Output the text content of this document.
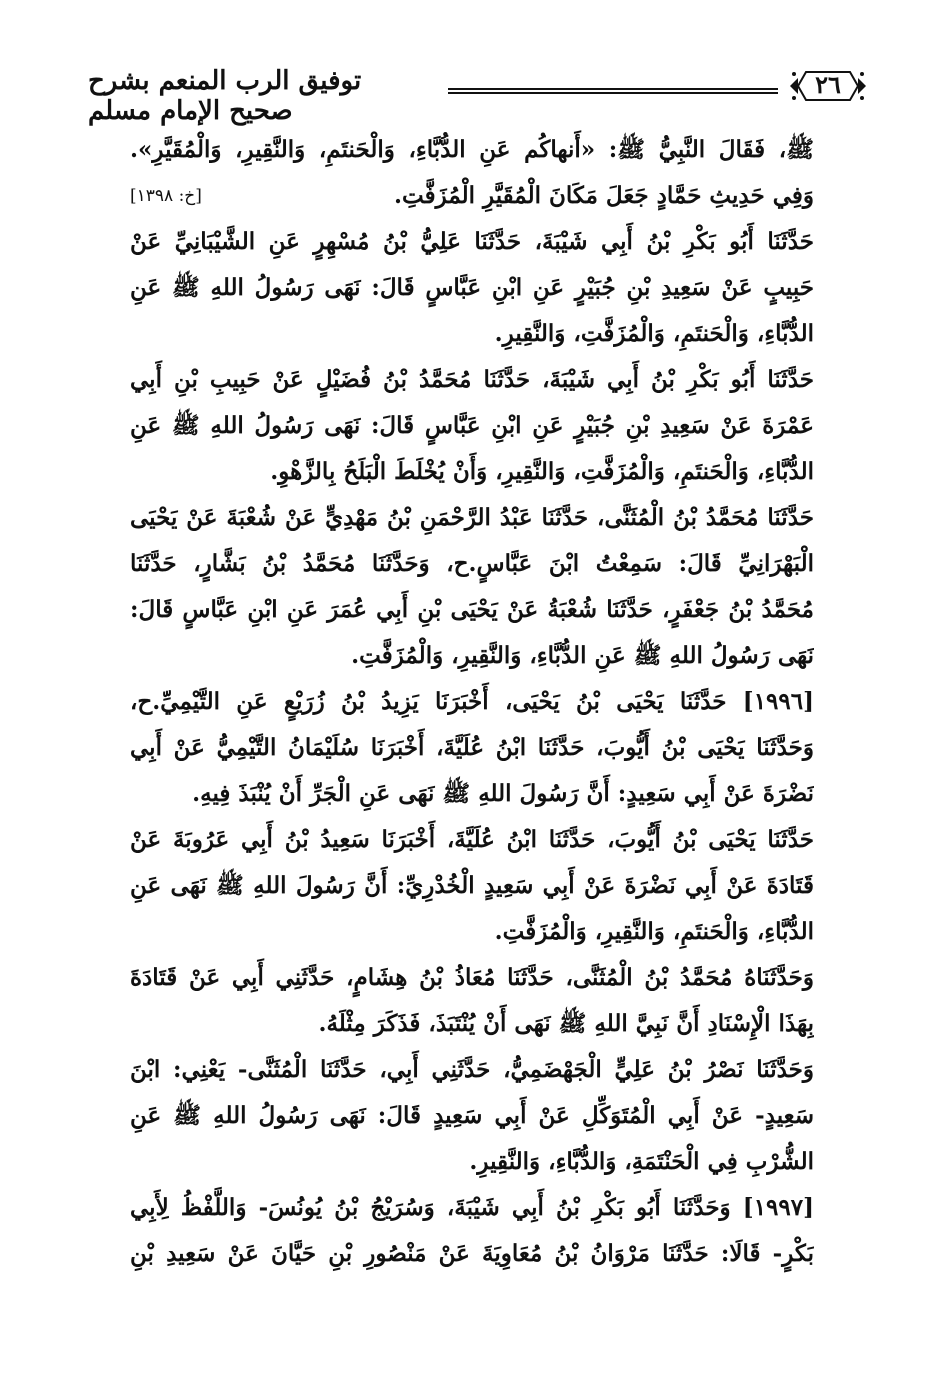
توفيق الرب المنعم بشرح صحيح الإمام مسلم
٢٦
ﷺ، فَقَالَ النَّبِيُّ ﷺ: «أَنهاكُم عَنِ الدُّبَّاءِ، وَالْحَنتَمِ، وَالنَّقِيرِ، وَالْمُقَيَّرِ».
وَفِي حَدِيثِ حَمَّادٍ جَعَلَ مَكَانَ الْمُقَيَّرِ الْمُزَفَّتِ.
[خ: ١٣٩٨]
حَدَّثَنَا أَبُو بَكْرِ بْنُ أَبِي شَيْبَةَ، حَدَّثَنَا عَلِيُّ بْنُ مُسْهِرٍ عَنِ الشَّيْبَانِيِّ عَنْ
حَبِيبٍ عَنْ سَعِيدِ بْنِ جُبَيْرٍ عَنِ ابْنِ عَبَّاسٍ قَالَ: نَهَى رَسُولُ اللهِ ﷺ عَنِ
الدُّبَّاءِ، وَالْحَنتَمِ، وَالْمُزَفَّتِ، وَالنَّقِيرِ.
حَدَّثَنَا أَبُو بَكْرِ بْنُ أَبِي شَيْبَةَ، حَدَّثَنَا مُحَمَّدُ بْنُ فُضَيْلٍ عَنْ حَبِيبِ بْنِ أَبِي
عَمْرَةَ عَنْ سَعِيدِ بْنِ جُبَيْرٍ عَنِ ابْنِ عَبَّاسٍ قَالَ: نَهَى رَسُولُ اللهِ ﷺ عَنِ
الدُّبَّاءِ، وَالْحَنتَمِ، وَالْمُزَفَّتِ، وَالنَّقِيرِ، وَأَنْ يُخْلَطَ الْبَلَحُ بِالزَّهْوِ.
حَدَّثَنَا مُحَمَّدُ بْنُ الْمُثَنَّى، حَدَّثَنَا عَبْدُ الرَّحْمَنِ بْنُ مَهْدِيٍّ عَنْ شُعْبَةَ عَنْ يَحْيَى
الْبَهْرَانِيِّ قَالَ: سَمِعْتُ ابْنَ عَبَّاسٍ.ح، وَحَدَّثَنَا مُحَمَّدُ بْنُ بَشَّارٍ، حَدَّثَنَا
مُحَمَّدُ بْنُ جَعْفَرٍ، حَدَّثَنَا شُعْبَةُ عَنْ يَحْيَى بْنِ أَبِي عُمَرَ عَنِ ابْنِ عَبَّاسٍ قَالَ:
نَهَى رَسُولُ اللهِ ﷺ عَنِ الدُّبَّاءِ، وَالنَّقِيرِ، وَالْمُزَفَّتِ.
[١٩٩٦] حَدَّثَنَا يَحْيَى بْنُ يَحْيَى، أَخْبَرَنَا يَزِيدُ بْنُ زُرَيْعٍ عَنِ التَّيْمِيِّ.ح،
وَحَدَّثَنَا يَحْيَى بْنُ أَيُّوبَ، حَدَّثَنَا ابْنُ عُلَيَّةَ، أَخْبَرَنَا سُلَيْمَانُ التَّيْمِيُّ عَنْ أَبِي
نَضْرَةَ عَنْ أَبِي سَعِيدٍ: أَنَّ رَسُولَ اللهِ ﷺ نَهَى عَنِ الْجَرِّ أَنْ يُنْبَذَ فِيهِ.
حَدَّثَنَا يَحْيَى بْنُ أَيُّوبَ، حَدَّثَنَا ابْنُ عُلَيَّةَ، أَخْبَرَنَا سَعِيدُ بْنُ أَبِي عَرُوبَةَ عَنْ
قَتَادَةَ عَنْ أَبِي نَضْرَةَ عَنْ أَبِي سَعِيدٍ الْخُدْرِيِّ: أَنَّ رَسُولَ اللهِ ﷺ نَهَى عَنِ
الدُّبَّاءِ، وَالْحَنتَمِ، وَالنَّقِيرِ، وَالْمُزَفَّتِ.
وَحَدَّثَنَاهُ مُحَمَّدُ بْنُ الْمُثَنَّى، حَدَّثَنَا مُعَاذُ بْنُ هِشَامٍ، حَدَّثَنِي أَبِي عَنْ قَتَادَةَ
بِهَذَا الْإِسْنَادِ أَنَّ نَبِيَّ اللهِ ﷺ نَهَى أَنْ يُنْتَبَذَ، فَذَكَرَ مِثْلَهُ.
وَحَدَّثَنَا نَصْرُ بْنُ عَلِيٍّ الْجَهْضَمِيُّ، حَدَّثَنِي أَبِي، حَدَّثَنَا الْمُثَنَّى- يَعْنِي: ابْنَ
سَعِيدٍ- عَنْ أَبِي الْمُتَوَكِّلِ عَنْ أَبِي سَعِيدٍ قَالَ: نَهَى رَسُولُ اللهِ ﷺ عَنِ
الشُّرْبِ فِي الْحَنْتَمَةِ، وَالدُّبَّاءِ، وَالنَّقِيرِ.
[١٩٩٧] وَحَدَّثَنَا أَبُو بَكْرِ بْنُ أَبِي شَيْبَةَ، وَسُرَيْجُ بْنُ يُونُسَ- وَاللَّفْظُ لِأَبِي
بَكْرٍ- قَالَا: حَدَّثَنَا مَرْوَانُ بْنُ مُعَاوِيَةَ عَنْ مَنْصُورِ بْنِ حَيَّانَ عَنْ سَعِيدِ بْنِ
